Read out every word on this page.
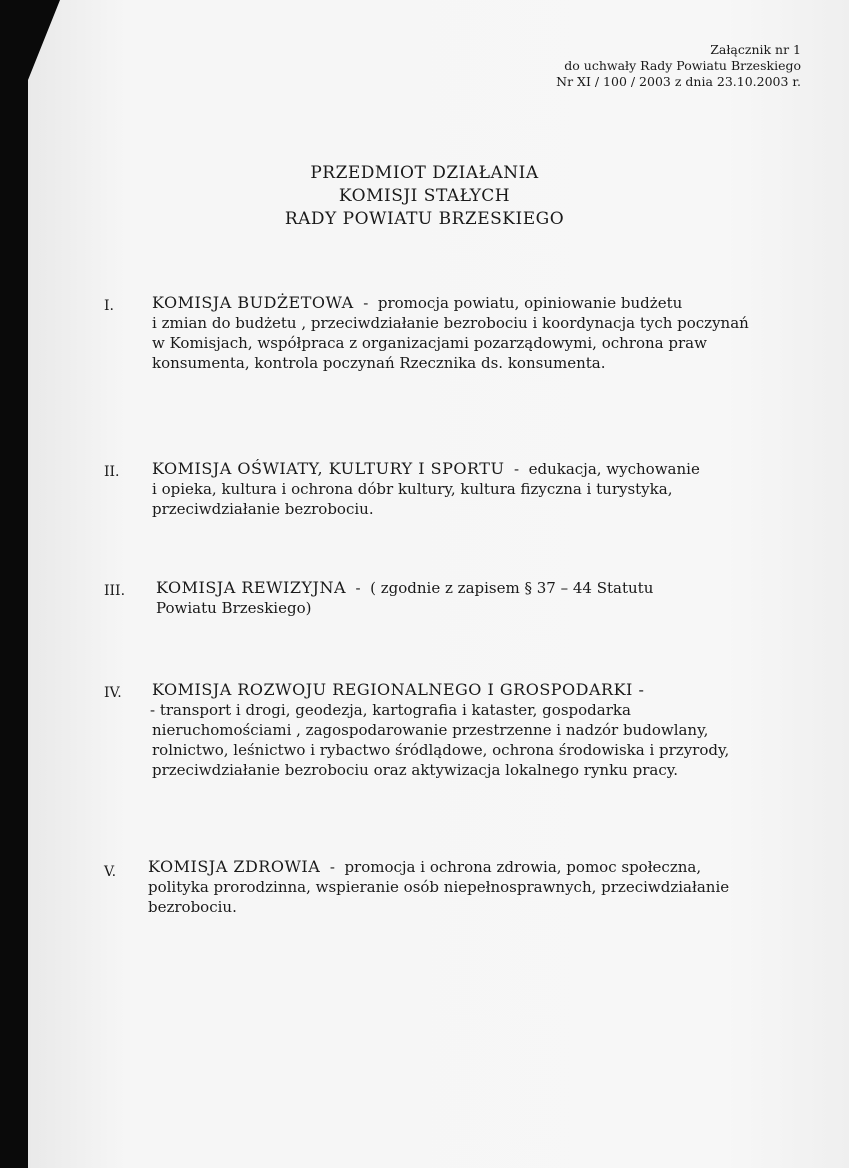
Załącznik nr 1
do uchwały Rady Powiatu Brzeskiego
Nr XI / 100 / 2003 z dnia 23.10.2003 r.
PRZEDMIOT DZIAŁANIA
KOMISJI STAŁYCH
RADY POWIATU BRZESKIEGO
I. KOMISJA BUDŻETOWA  -  promocja powiatu, opiniowanie budżetu
i zmian do budżetu , przeciwdziałanie bezrobociu i koordynacja tych poczynań
w Komisjach, współpraca z organizacjami pozarządowymi, ochrona praw
konsumenta, kontrola poczynań Rzecznika ds. konsumenta.
II. KOMISJA OŚWIATY, KULTURY I SPORTU  -  edukacja, wychowanie
i opieka, kultura i ochrona dóbr kultury, kultura fizyczna i turystyka,
przeciwdziałanie bezrobociu.
III. KOMISJA REWIZYJNA  -  ( zgodnie z zapisem § 37 – 44 Statutu
Powiatu Brzeskiego)
IV. KOMISJA ROZWOJU REGIONALNEGO I GROSPODARKI -
- transport i drogi, geodezja, kartografia i kataster, gospodarka
nieruchomościami , zagospodarowanie przestrzenne i nadzór budowlany,
rolnictwo, leśnictwo i rybactwo śródlądowe, ochrona środowiska i przyrody,
przeciwdziałanie bezrobociu oraz aktywizacja lokalnego rynku pracy.
V. KOMISJA ZDROWIA  -  promocja i ochrona zdrowia, pomoc społeczna,
polityka prorodzinna, wspieranie osób niepełnosprawnych, przeciwdziałanie
bezrobociu.
